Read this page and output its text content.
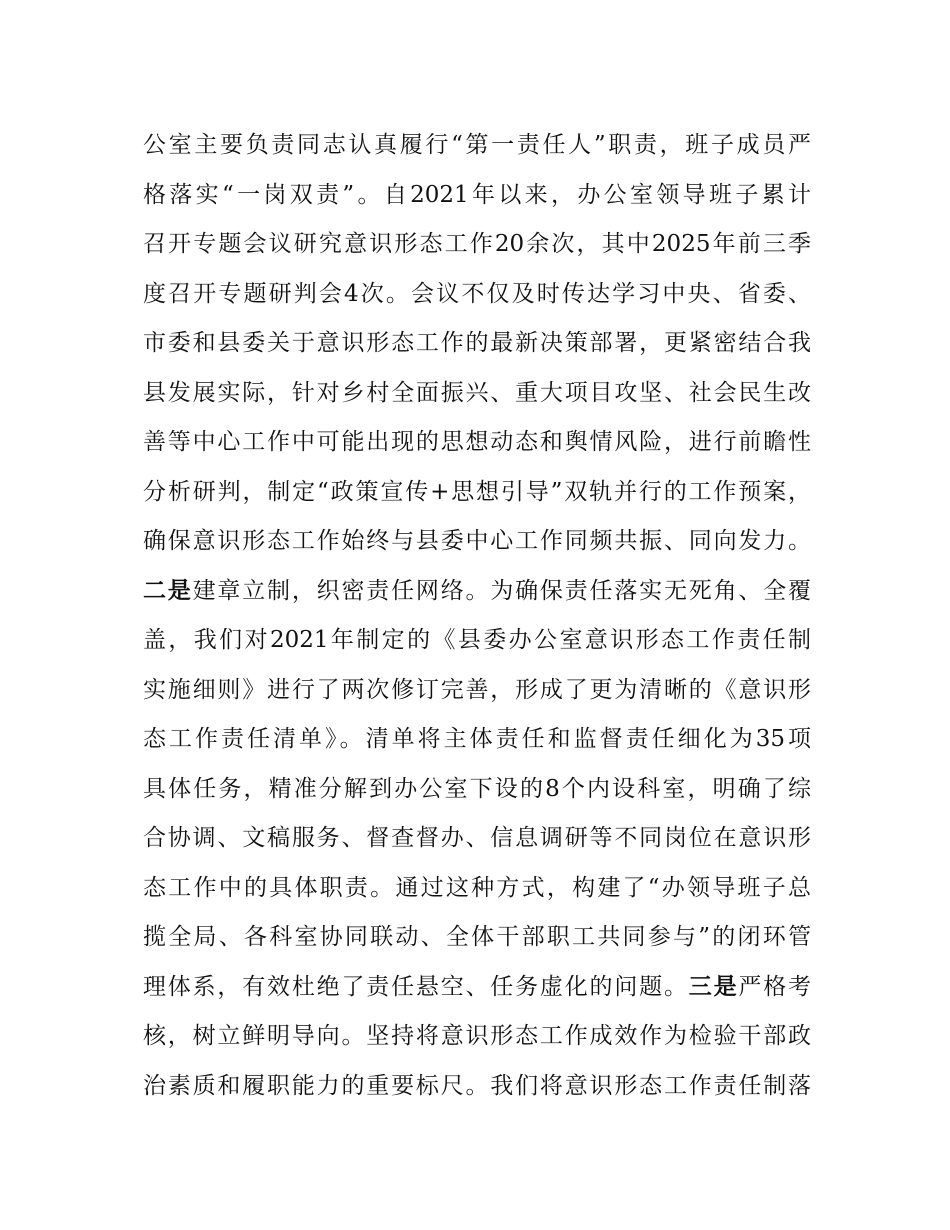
公室主要负责同志认真履行“第一责任人”职责，班子成员严
格落实“一岗双责”。自2021年以来，办公室领导班子累计
召开专题会议研究意识形态工作20余次，其中2025年前三季
度召开专题研判会4次。会议不仅及时传达学习中央、省委、
市委和县委关于意识形态工作的最新决策部署，更紧密结合我
县发展实际，针对乡村全面振兴、重大项目攻坚、社会民生改
善等中心工作中可能出现的思想动态和舆情风险，进行前瞻性
分析研判，制定“政策宣传+思想引导”双轨并行的工作预案，
确保意识形态工作始终与县委中心工作同频共振、同向发力。
二是建章立制，织密责任网络。为确保责任落实无死角、全覆
盖，我们对2021年制定的《县委办公室意识形态工作责任制
实施细则》进行了两次修订完善，形成了更为清晰的《意识形
态工作责任清单》。清单将主体责任和监督责任细化为35项
具体任务，精准分解到办公室下设的8个内设科室，明确了综
合协调、文稿服务、督查督办、信息调研等不同岗位在意识形
态工作中的具体职责。通过这种方式，构建了“办领导班子总
揽全局、各科室协同联动、全体干部职工共同参与”的闭环管
理体系，有效杜绝了责任悬空、任务虚化的问题。三是严格考
核，树立鲜明导向。坚持将意识形态工作成效作为检验干部政
治素质和履职能力的重要标尺。我们将意识形态工作责任制落
